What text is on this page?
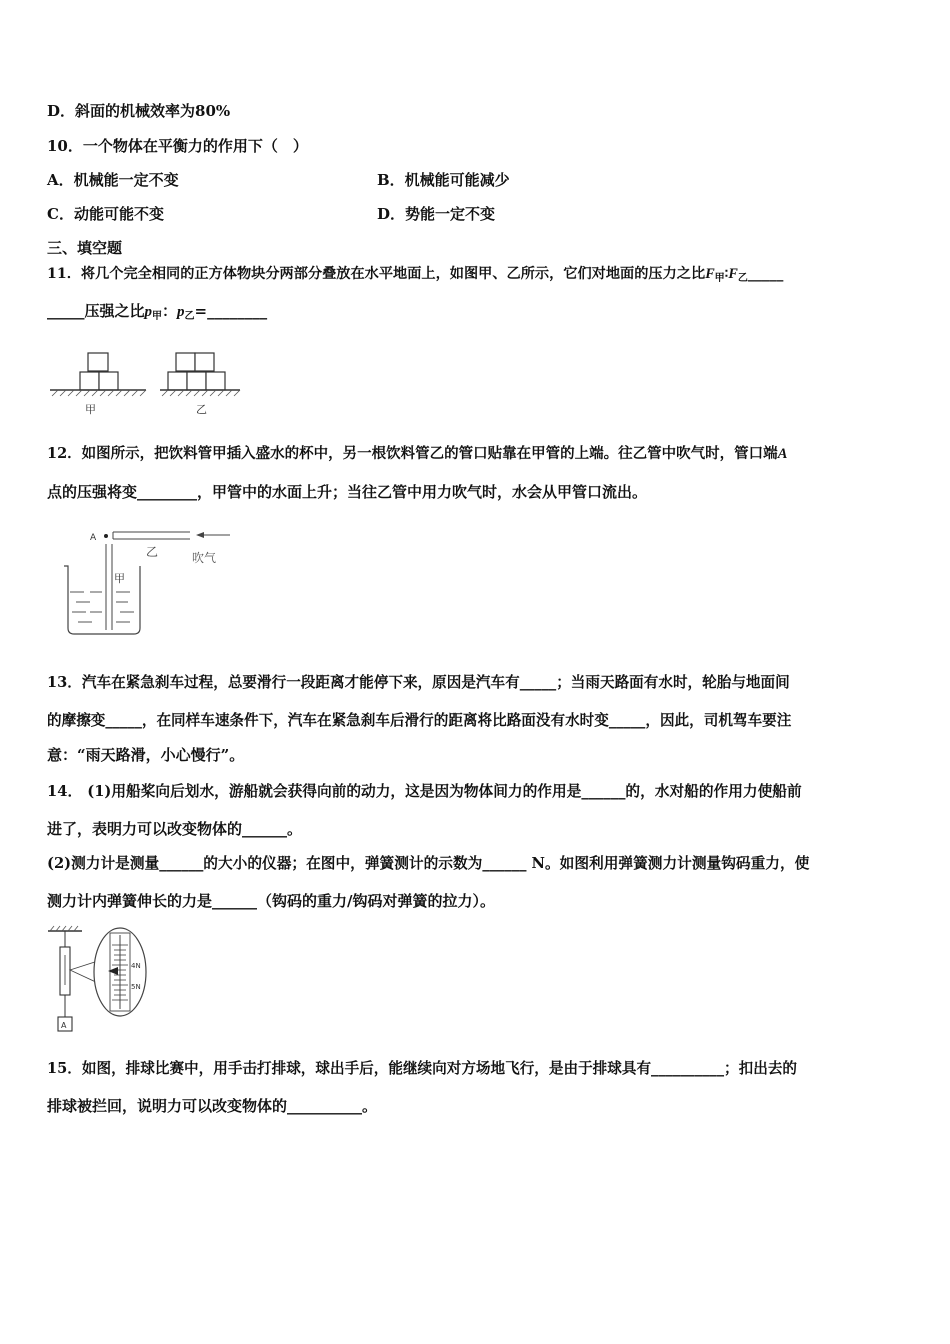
D．斜面的机械效率为80%
10．一个物体在平衡力的作用下（　）
A．机械能一定不变	B．机械能可能减少
C．动能可能不变	D．势能一定不变
三、填空题
11．将几个完全相同的正方体物块分两部分叠放在水平地面上，如图甲、乙所示，它们对地面的压力之比$F_甲∶F_乙\_\_\_\_\_$
_____压强之比$p_甲$：$p_乙=\_\_\_\_\_\_\_\_$
甲	乙
12．如图所示，把饮料管甲插入盛水的杯中，另一根饮料管乙的管口贴靠在甲管的上端。往乙管中吹气时，管口端A
点的压强将变________，甲管中的水面上升；当往乙管中用力吹气时，水会从甲管口流出。
A
乙	吹气
甲
13．汽车在紧急刹车过程，总要滑行一段距离才能停下来，原因是汽车有_____；当雨天路面有水时，轮胎与地面间
的摩擦变_____，在同样车速条件下，汽车在紧急刹车后滑行的距离将比路面没有水时变_____，因此，司机驾车要注
意：“雨天路滑，小心慢行”。
14． (1)用船桨向后划水，游船就会获得向前的动力，这是因为物体间力的作用是______的，水对船的作用力使船前
进了，表明力可以改变物体的______。
(2)测力计是测量______的大小的仪器；在图中，弹簧测计的示数为______ N。如图利用弹簧测力计测量钩码重力，使
测力计内弹簧伸长的力是______（钩码的重力/钩码对弹簧的拉力）。
A
4N
5N
15．如图，排球比赛中，用手击打排球，球出手后，能继续向对方场地飞行，是由于排球具有__________；扣出去的
排球被拦回，说明力可以改变物体的__________。
